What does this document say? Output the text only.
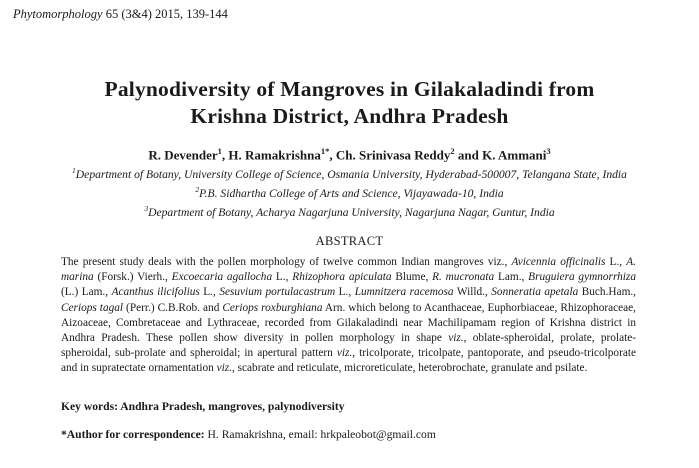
Phytomorphology 65 (3&4) 2015, 139-144
Palynodiversity of Mangroves in Gilakaladindi from
Krishna District, Andhra Pradesh
R. Devender$^1$, H. Ramakrishna$^{1*}$, Ch. Srinivasa Reddy$^2$ and K. Ammani$^3$
$^1$Department of Botany, University College of Science, Osmania University, Hyderabad-500007, Telangana State, India
$^2$P.B. Sidhartha College of Arts and Science, Vijayawada-10, India
$^3$Department of Botany, Acharya Nagarjuna University, Nagarjuna Nagar, Guntur, India
ABSTRACT
The present study deals with the pollen morphology of twelve common Indian mangroves viz., Avicennia officinalis L., A. marina (Forsk.) Vierh., Excoecaria agallocha L., Rhizophora apiculata Blume, R. mucronata Lam., Bruguiera gymnorrhiza (L.) Lam., Acanthus ilicifolius L., Sesuvium portulacastrum L., Lumnitzera racemosa Willd., Sonneratia apetala Buch.Ham., Ceriops tagal (Perr.) C.B.Rob. and Ceriops roxburghiana Arn. which belong to Acanthaceae, Euphorbiaceae, Rhizophoraceae, Aizoaceae, Combretaceae and Lythraceae, recorded from Gilakaladindi near Machilipamam region of Krishna district in Andhra Pradesh. These pollen show diversity in pollen morphology in shape viz., oblate-spheroidal, prolate, prolate-spheroidal, sub-prolate and spheroidal; in apertural pattern viz., tricolporate, tricolpate, pantoporate, and pseudo-tricolporate and in supratectate ornamentation viz., scabrate and reticulate, microreticulate, heterobrochate, granulate and psilate.
Key words: Andhra Pradesh, mangroves, palynodiversity
*Author for correspondence: H. Ramakrishna, email: hrkpaleobot@gmail.com
